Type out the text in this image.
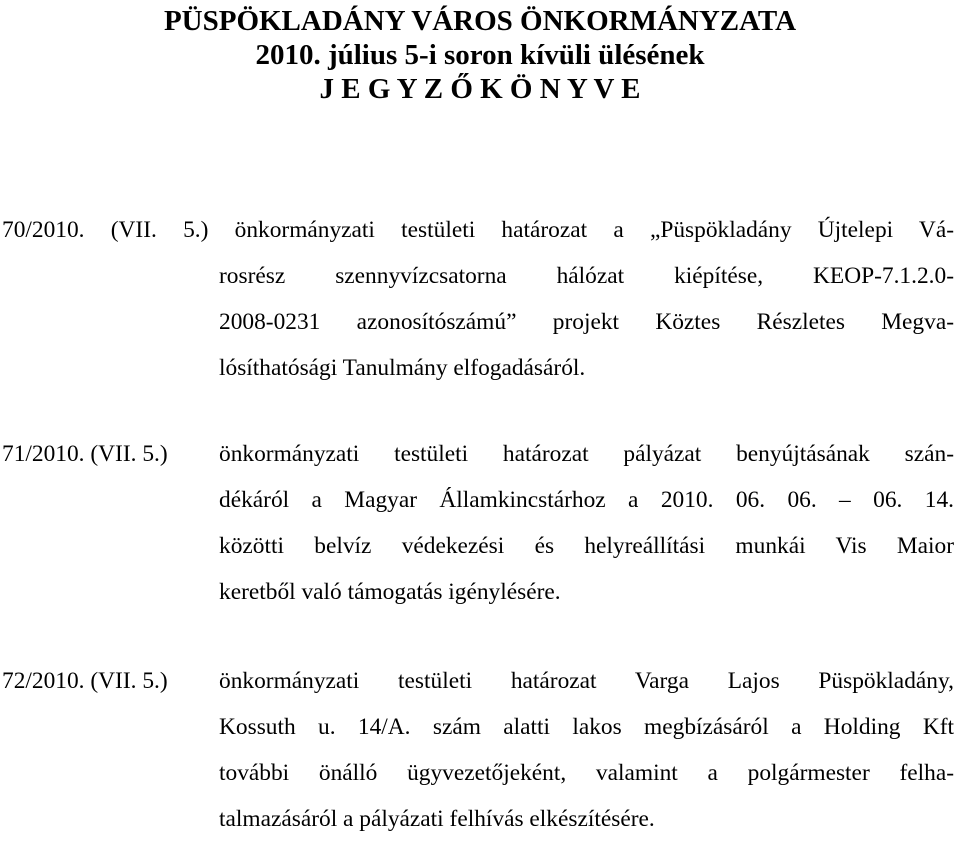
PÜSPÖKLADÁNY VÁROS ÖNKORMÁNYZATA
2010. július 5-i soron kívüli ülésének
J E G Y Z Ő K Ö N Y V E
70/2010. (VII. 5.) önkormányzati testületi határozat a „Püspökladány Újtelepi Vá-
rosrész szennyvízcsatorna hálózat kiépítése, KEOP-7.1.2.0-
2008-0231 azonosítószámú” projekt Köztes Részletes Megva-
lósíthatósági Tanulmány elfogadásáról.
71/2010. (VII. 5.) önkormányzati testületi határozat pályázat benyújtásának szán-
dékáról a Magyar Államkincstárhoz a 2010. 06. 06. – 06. 14.
közötti belvíz védekezési és helyreállítási munkái Vis Maior
keretből való támogatás igénylésére.
72/2010. (VII. 5.) önkormányzati testületi határozat Varga Lajos Püspökladány,
Kossuth u. 14/A. szám alatti lakos megbízásáról a Holding Kft
további önálló ügyvezetőjeként, valamint a polgármester felha-
talmazásáról a pályázati felhívás elkészítésére.
